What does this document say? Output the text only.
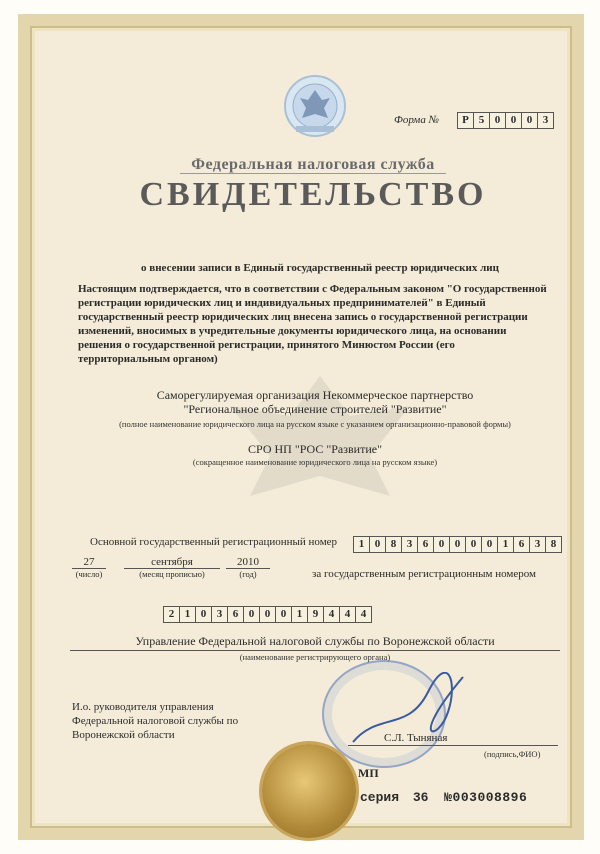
Форма №	Р 5 0 0 0 3
Федеральная налоговая служба
СВИДЕТЕЛЬСТВО
о внесении записи в Единый государственный реестр юридических лиц
Настоящим подтверждается, что в соответствии с Федеральным законом "О государственной регистрации юридических лиц и индивидуальных предпринимателей" в Единый государственный реестр юридических лиц внесена запись о государственной регистрации изменений, вносимых в учредительные документы юридического лица, на основании решения о государственной регистрации, принятого Минюстом России (его территориальным органом)
Саморегулируемая организация Некоммерческое партнерство
"Региональное объединение строителей "Развитие"
(полное наименование юридического лица на русском языке с указанием организационно-правовой формы)
СРО НП "РОС "Развитие"
(сокращенное наименование юридического лица на русском языке)
Основной государственный регистрационный номер	1 0 8 3 6 0 0 0 0 1 6 3 8
27
(число)
сентября
(месяц прописью)
2010
(год)	за государственным регистрационным номером
2 1 0 3 6 0 0 0 1 9 4 4 4
Управление Федеральной налоговой службы по Воронежской области
(наименование регистрирующего органа)
И.о. руководителя управления
Федеральной налоговой службы по
Воронежской области	С.Л. Тыняная
(подпись,ФИО)
МП
серия 36 №003008896
